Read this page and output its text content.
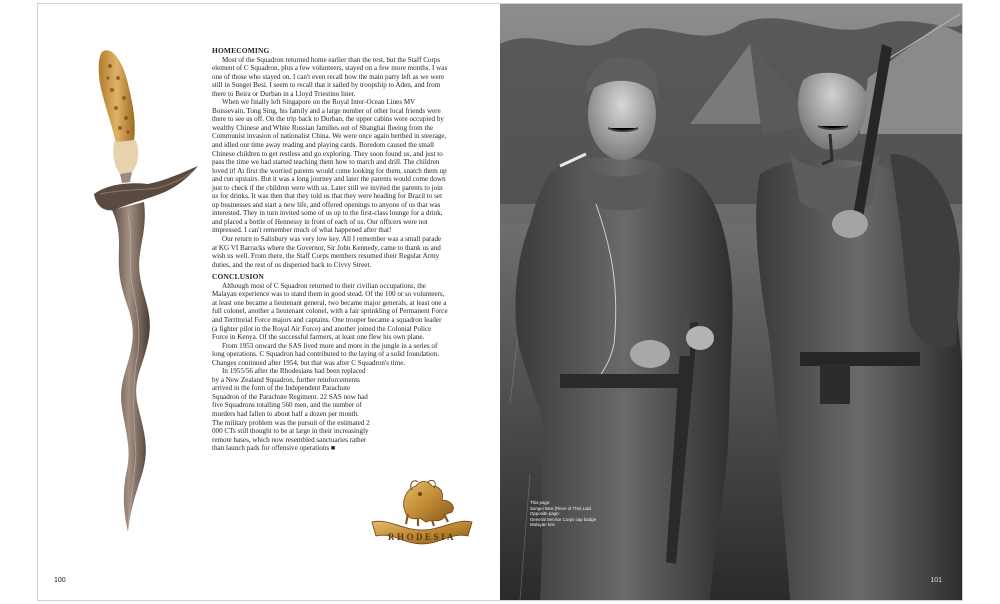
HOMECOMING

Most of the Squadron returned home earlier than the rest, but the Staff Corps element of C Squadron, plus a few volunteers, stayed on a few more months. I was one of those who stayed on. I can't even recall how the main party left as we were still in Sungei Besi. I seem to recall that it sailed by troopship to Aden, and from there to Beira or Durban in a Lloyd Triestino liner.

When we finally left Singapore on the Royal Inter-Ocean Lines MV Boissevain, Tong Sing, his family and a large number of other local friends were there to see us off. On the trip back to Durban, the upper cabins were occupied by wealthy Chinese and White Russian families out of Shanghai fleeing from the Communist invasion of nationalist China. We were once again berthed in steerage, and idled our time away reading and playing cards. Boredom caused the small Chinese children to get restless and go exploring. They soon found us, and just to pass the time we had started teaching them how to march and drill. The children loved it! At first the worried parents would come looking for them, snatch them up and run upstairs. But it was a long journey and later the parents would come down just to check if the children were with us. Later still we invited the parents to join us for drinks. It was then that they told us that they were heading for Brazil to set up businesses and start a new life, and offered openings to anyone of us that was interested. They in turn invited some of us up to the first-class lounge for a drink, and placed a bottle of Hennessy in front of each of us. Our officers were not impressed. I can't remember much of what happened after that!

Our return to Salisbury was very low key. All I remember was a small parade at KG VI Barracks where the Governor, Sir John Kennedy, came to thank us and wish us well. From there, the Staff Corps members resumed their Regular Army duties, and the rest of us dispersed back to Civvy Street.

CONCLUSION

Although most of C Squadron returned to their civilian occupations, the Malayan experience was to stand them in good stead. Of the 100 or so volunteers, at least one became a lieutenant general, two became major generals, at least one a full colonel, another a lieutenant colonel, with a fair sprinkling of Permanent Force and Territorial Force majors and captains. One trooper became a squadron leader (a fighter pilot in the Royal Air Force) and another joined the Colonial Police Force in Kenya. Of the successful farmers, at least one flew his own plane.

From 1953 onward the SAS lived more and more in the jungle in a series of long operations. C Squadron had contributed to the laying of a solid foundation. Changes continued after 1954, but that was after C Squadron's time.

In 1955/56 after the Rhodesians had been replaced by a New Zealand Squadron, further reinforcements arrived in the form of the Independent Parachute Squadron of the Parachute Regiment. 22 SAS now had five Squadrons totalling 560 men, and the number of murders had fallen to about half a dozen per month. The military problem was the pursuit of the estimated 2 000 CTs still thought to be at large in their increasingly remote bases, which now resembled sanctuaries rather than launch pads for offensive operations ■

RHODESIA
100
This page:
Sungei Besi (River of The) Laid
Opposite page:
General Service Corps cap badge
Malayan kris
101
